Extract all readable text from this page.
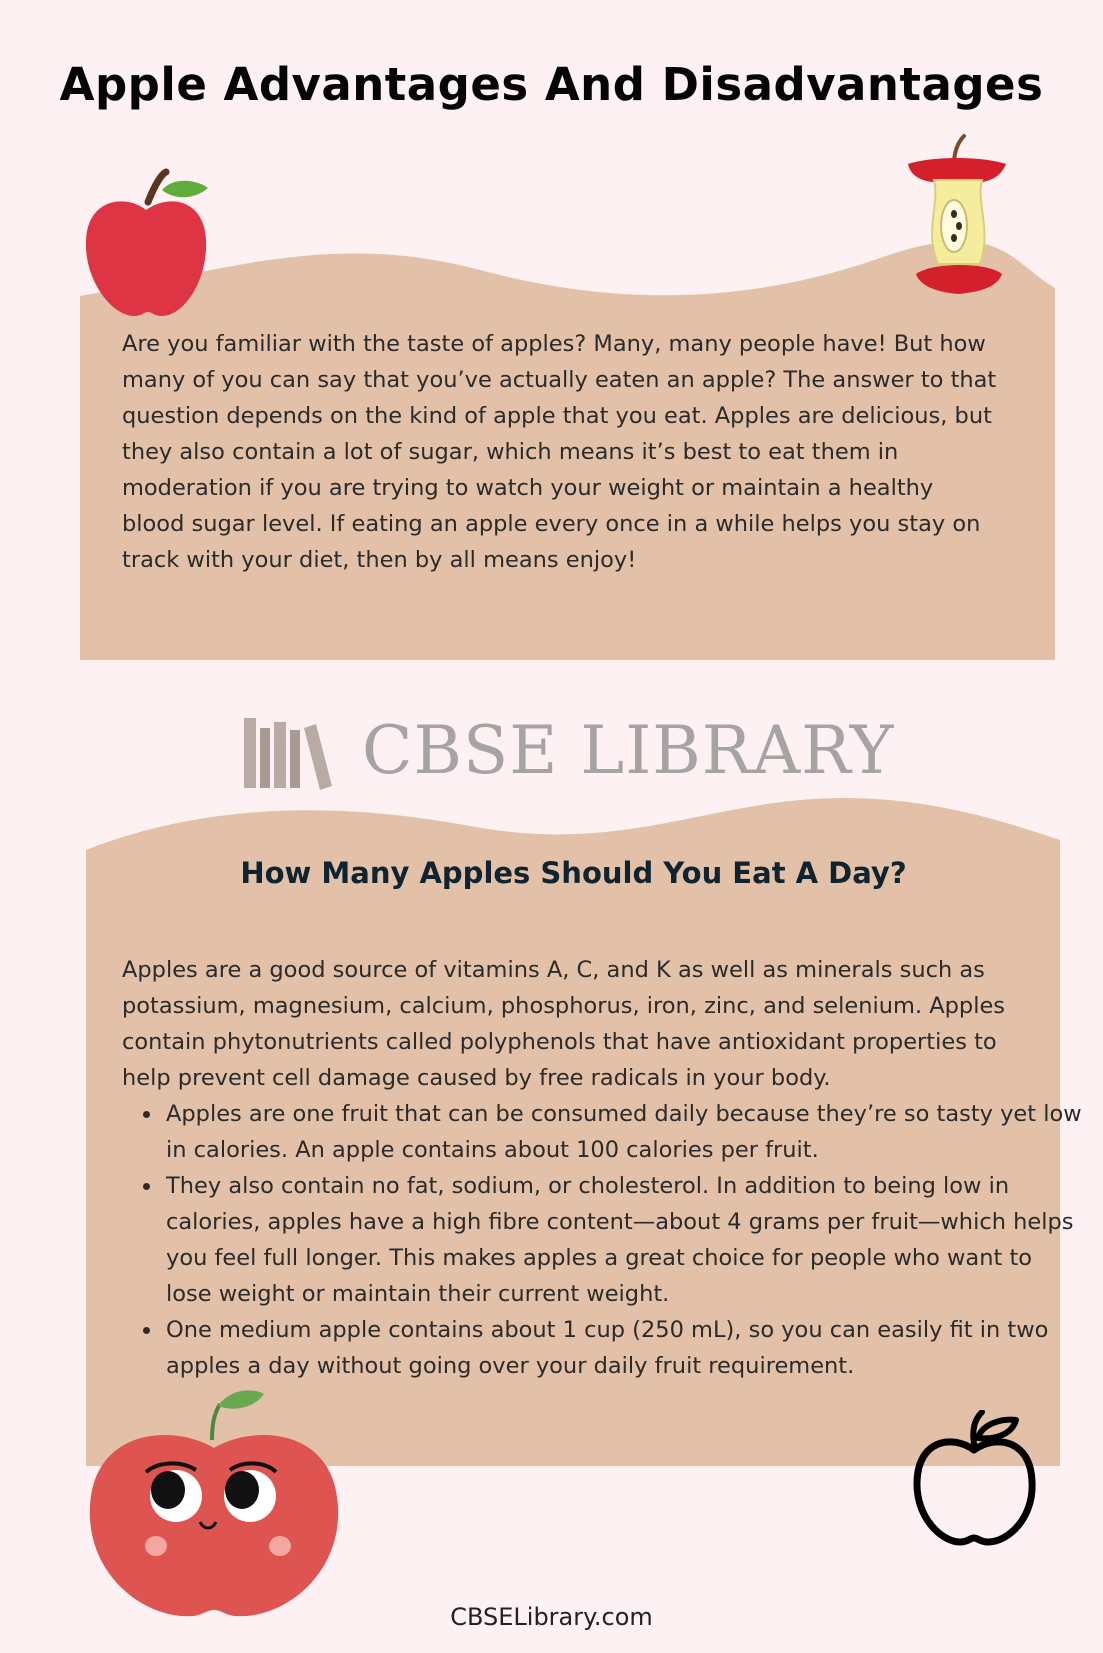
Apple Advantages And Disadvantages
Are you familiar with the taste of apples? Many, many people have! But how many of you can say that you’ve actually eaten an apple? The answer to that question depends on the kind of apple that you eat. Apples are delicious, but they also contain a lot of sugar, which means it’s best to eat them in moderation if you are trying to watch your weight or maintain a healthy blood sugar level. If eating an apple every once in a while helps you stay on track with your diet, then by all means enjoy!
CBSE LIBRARY
How Many Apples Should You Eat A Day?
Apples are a good source of vitamins A, C, and K as well as minerals such as potassium, magnesium, calcium, phosphorus, iron, zinc, and selenium. Apples contain phytonutrients called polyphenols that have antioxidant properties to help prevent cell damage caused by free radicals in your body.
Apples are one fruit that can be consumed daily because they’re so tasty yet low in calories. An apple contains about 100 calories per fruit.
They also contain no fat, sodium, or cholesterol. In addition to being low in calories, apples have a high fibre content—about 4 grams per fruit—which helps you feel full longer. This makes apples a great choice for people who want to lose weight or maintain their current weight.
One medium apple contains about 1 cup (250 mL), so you can easily fit in two apples a day without going over your daily fruit requirement.
CBSELibrary.com
